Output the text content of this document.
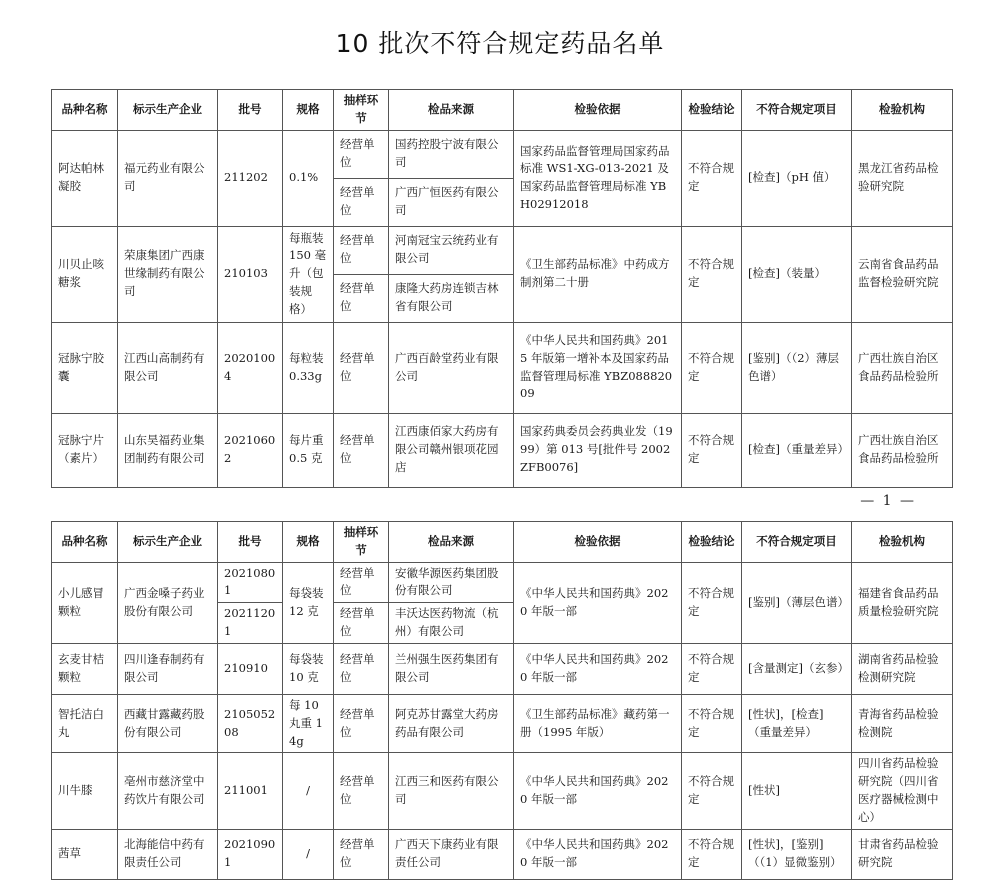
10 批次不符合规定药品名单
品种名称	标示生产企业	批号	规格	抽样环节	检品来源	检验依据	检验结论	不符合规定项目	检验机构
阿达帕林凝胶	福元药业有限公司	211202	0.1%	经营单位	国药控股宁波有限公司	国家药品监督管理局国家药品标准 WS1-XG-013-2021 及国家药品监督管理局标准 YBH02912018	不符合规定	[检查]（pH 值）	黑龙江省药品检验研究院
				经营单位	广西广恒医药有限公司				
川贝止咳糖浆	荣康集团广西康世缘制药有限公司	210103	每瓶装 150 毫升（包装规格）	经营单位	河南冠宝云统药业有限公司	《卫生部药品标准》中药成方制剂第二十册	不符合规定	[检查]（装量）	云南省食品药品监督检验研究院
				经营单位	康隆大药房连锁吉林省有限公司				
冠脉宁胶囊	江西山高制药有限公司	20201004	每粒装 0.33g	经营单位	广西百龄堂药业有限公司	《中华人民共和国药典》2015 年版第一增补本及国家药品监督管理局标准 YBZ08882009	不符合规定	[鉴别]（（2）薄层色谱）	广西壮族自治区食品药品检验所
冠脉宁片（素片）	山东昊福药业集团制药有限公司	20210602	每片重 0.5 克	经营单位	江西康佰家大药房有限公司赣州银项花园店	国家药典委员会药典业发（1999）第 013 号[批件号 2002ZFB0076]	不符合规定	[检查]（重量差异）	广西壮族自治区食品药品检验所
— 1 —
品种名称	标示生产企业	批号	规格	抽样环节	检品来源	检验依据	检验结论	不符合规定项目	检验机构
小儿感冒颗粒	广西金嗓子药业股份有限公司	20210801	每袋装 12 克	经营单位	安徽华源医药集团股份有限公司	《中华人民共和国药典》2020 年版一部	不符合规定	[鉴别]（薄层色谱）	福建省食品药品质量检验研究院
		20211201		经营单位	丰沃达医药物流（杭州）有限公司				
玄麦甘桔颗粒	四川逢春制药有限公司	210910	每袋装 10 克	经营单位	兰州强生医药集团有限公司	《中华人民共和国药典》2020 年版一部	不符合规定	[含量测定]（玄参）	湖南省药品检验检测研究院
智托洁白丸	西藏甘露藏药股份有限公司	210505208	每 10 丸重 14g	经营单位	阿克苏甘露堂大药房药品有限公司	《卫生部药品标准》藏药第一册（1995 年版）	不符合规定	[性状]，[检查]（重量差异）	青海省药品检验检测院
川牛膝	亳州市慈济堂中药饮片有限公司	211001	/	经营单位	江西三和医药有限公司	《中华人民共和国药典》2020 年版一部	不符合规定	[性状]	四川省药品检验研究院（四川省医疗器械检测中心）
茜草	北海能信中药有限责任公司	20210901	/	经营单位	广西天下康药业有限责任公司	《中华人民共和国药典》2020 年版一部	不符合规定	[性状]，[鉴别]（（1）显微鉴别）	甘肃省药品检验研究院
